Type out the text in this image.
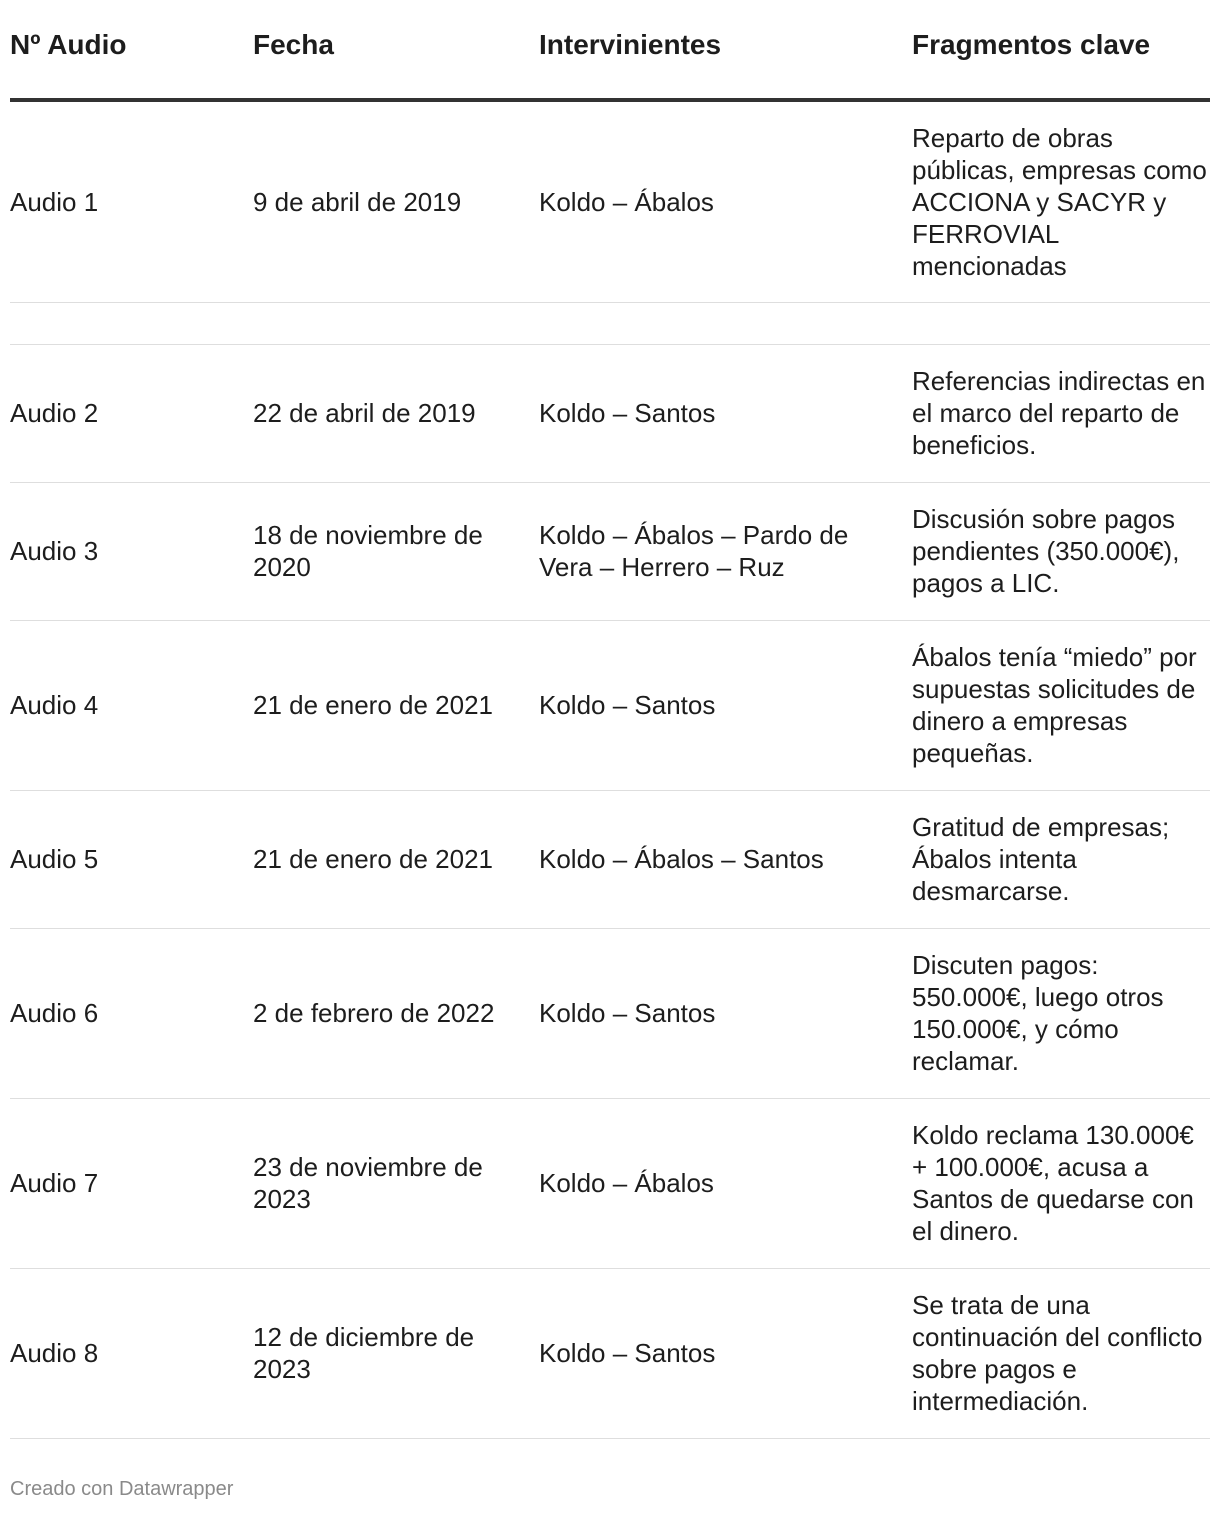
Nº Audio	Fecha	Intervinientes	Fragmentos clave
Audio 1	9 de abril de 2019	Koldo – Ábalos	Reparto de obras públicas, empresas como ACCIONA y SACYR y FERROVIAL mencionadas

Audio 2	22 de abril de 2019	Koldo – Santos	Referencias indirectas en el marco del reparto de beneficios.
Audio 3	18 de noviembre de 2020	Koldo – Ábalos – Pardo de Vera – Herrero – Ruz	Discusión sobre pagos pendientes (350.000€), pagos a LIC.
Audio 4	21 de enero de 2021	Koldo – Santos	Ábalos tenía “miedo” por supuestas solicitudes de dinero a empresas pequeñas.
Audio 5	21 de enero de 2021	Koldo – Ábalos – Santos	Gratitud de empresas; Ábalos intenta desmarcarse.
Audio 6	2 de febrero de 2022	Koldo – Santos	Discuten pagos: 550.000€, luego otros 150.000€, y cómo reclamar.
Audio 7	23 de noviembre de 2023	Koldo – Ábalos	Koldo reclama 130.000€ + 100.000€, acusa a Santos de quedarse con el dinero.
Audio 8	12 de diciembre de 2023	Koldo – Santos	Se trata de una continuación del conflicto sobre pagos e intermediación.
Creado con Datawrapper
